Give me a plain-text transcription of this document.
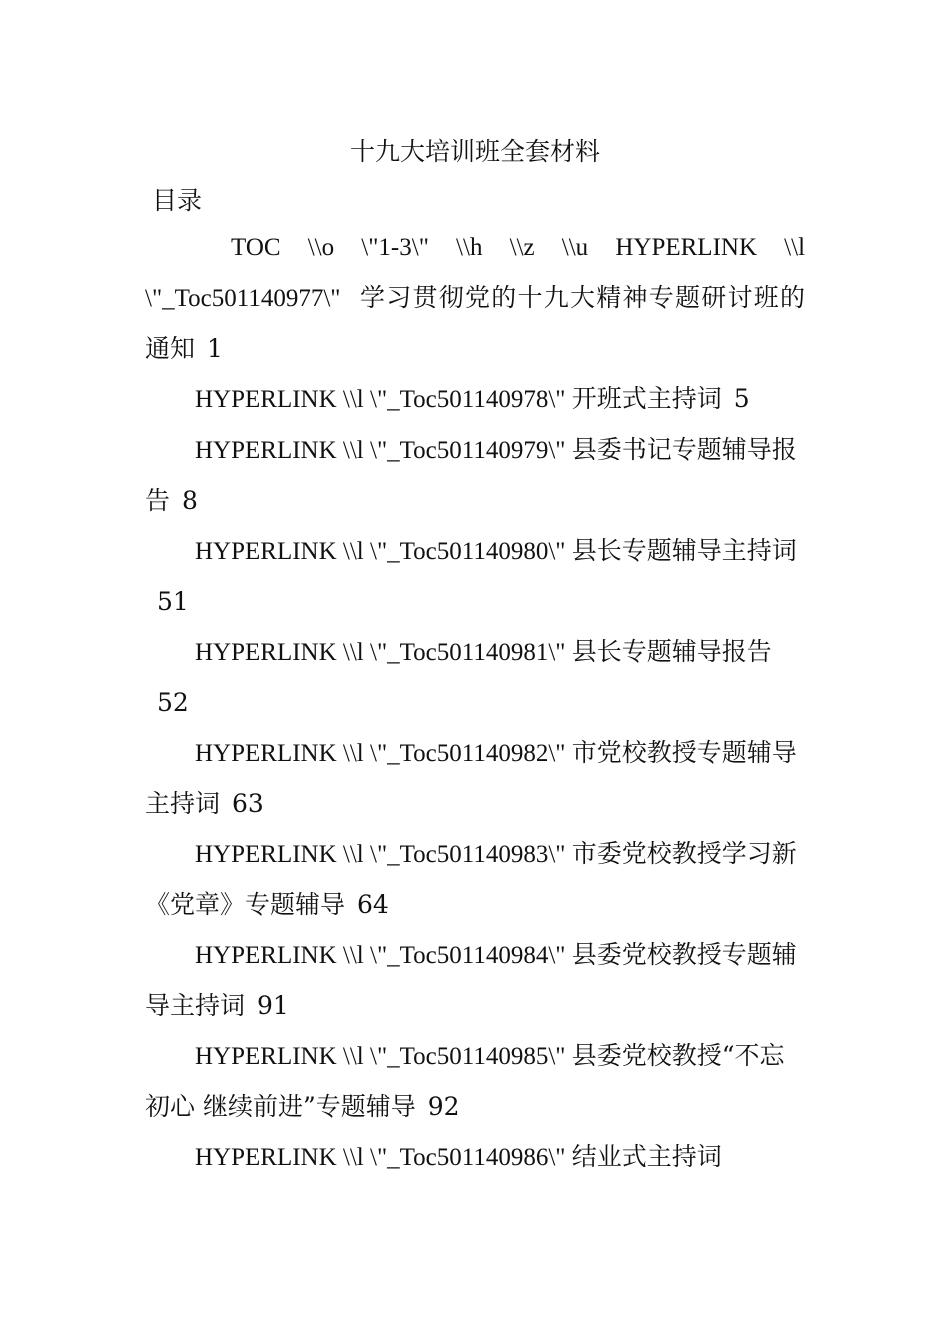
十九大培训班全套材料
目录

TOC \\o \"1-3\" \\h \\z \\u HYPERLINK \\l \"_Toc501140977\" 学习贯彻党的十九大精神专题研讨班的通知 1

HYPERLINK \\l \"_Toc501140978\" 开班式主持词 5

HYPERLINK \\l \"_Toc501140979\" 县委书记专题辅导报告 8

HYPERLINK \\l \"_Toc501140980\" 县长专题辅导主持词51

HYPERLINK \\l \"_Toc501140981\" 县长专题辅导报告52

HYPERLINK \\l \"_Toc501140982\" 市党校教授专题辅导主持词 63

HYPERLINK \\l \"_Toc501140983\" 市委党校教授学习新《党章》专题辅导 64

HYPERLINK \\l \"_Toc501140984\" 县委党校教授专题辅导主持词 91

HYPERLINK \\l \"_Toc501140985\" 县委党校教授“不忘初心 继续前进”专题辅导 92

HYPERLINK \\l \"_Toc501140986\" 结业式主持词
